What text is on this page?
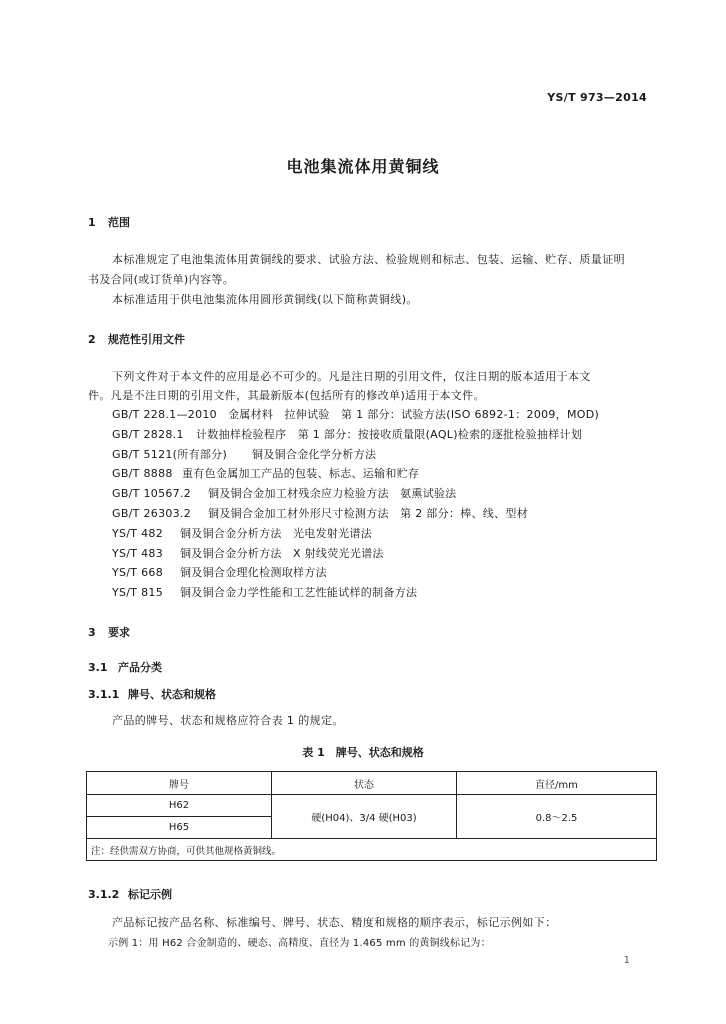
YS/T 973—2014
电池集流体用黄铜线
1 范围

本标准规定了电池集流体用黄铜线的要求、试验方法、检验规则和标志、包装、运输、贮存、质量证明

书及合同(或订货单)内容等。

本标准适用于供电池集流体用圆形黄铜线(以下简称黄铜线)。

2 规范性引用文件

下列文件对于本文件的应用是必不可少的。凡是注日期的引用文件，仅注日期的版本适用于本文

件。凡是不注日期的引用文件，其最新版本(包括所有的修改单)适用于本文件。

GB/T 228.1—2010 金属材料　拉伸试验　第 1 部分：试验方法(ISO 6892-1：2009，MOD)
GB/T 2828.1 计数抽样检验程序　第 1 部分：按接收质量限(AQL)检索的逐批检验抽样计划
GB/T 5121(所有部分) 铜及铜合金化学分析方法
GB/T 8888 重有色金属加工产品的包装、标志、运输和贮存
GB/T 10567.2 铜及铜合金加工材残余应力检验方法　氨熏试验法
GB/T 26303.2 铜及铜合金加工材外形尺寸检测方法　第 2 部分：棒、线、型材
YS/T 482 铜及铜合金分析方法　光电发射光谱法
YS/T 483 铜及铜合金分析方法　X 射线荧光光谱法
YS/T 668 铜及铜合金理化检测取样方法
YS/T 815 铜及铜合金力学性能和工艺性能试样的制备方法
3 要求
3.1 产品分类
3.1.1 牌号、状态和规格

产品的牌号、状态和规格应符合表 1 的规定。

表 1　牌号、状态和规格
牌号	状态	直径/mm
H62	硬(H04)、3/4 硬(H03)	0.8～2.5
H65		
注：经供需双方协商，可供其他规格黄铜线。		
3.1.2 标记示例

产品标记按产品名称、标准编号、牌号、状态、精度和规格的顺序表示，标记示例如下：

示例 1：用 H62 合金制造的、硬态、高精度、直径为 1.465 mm 的黄铜线标记为：
1
